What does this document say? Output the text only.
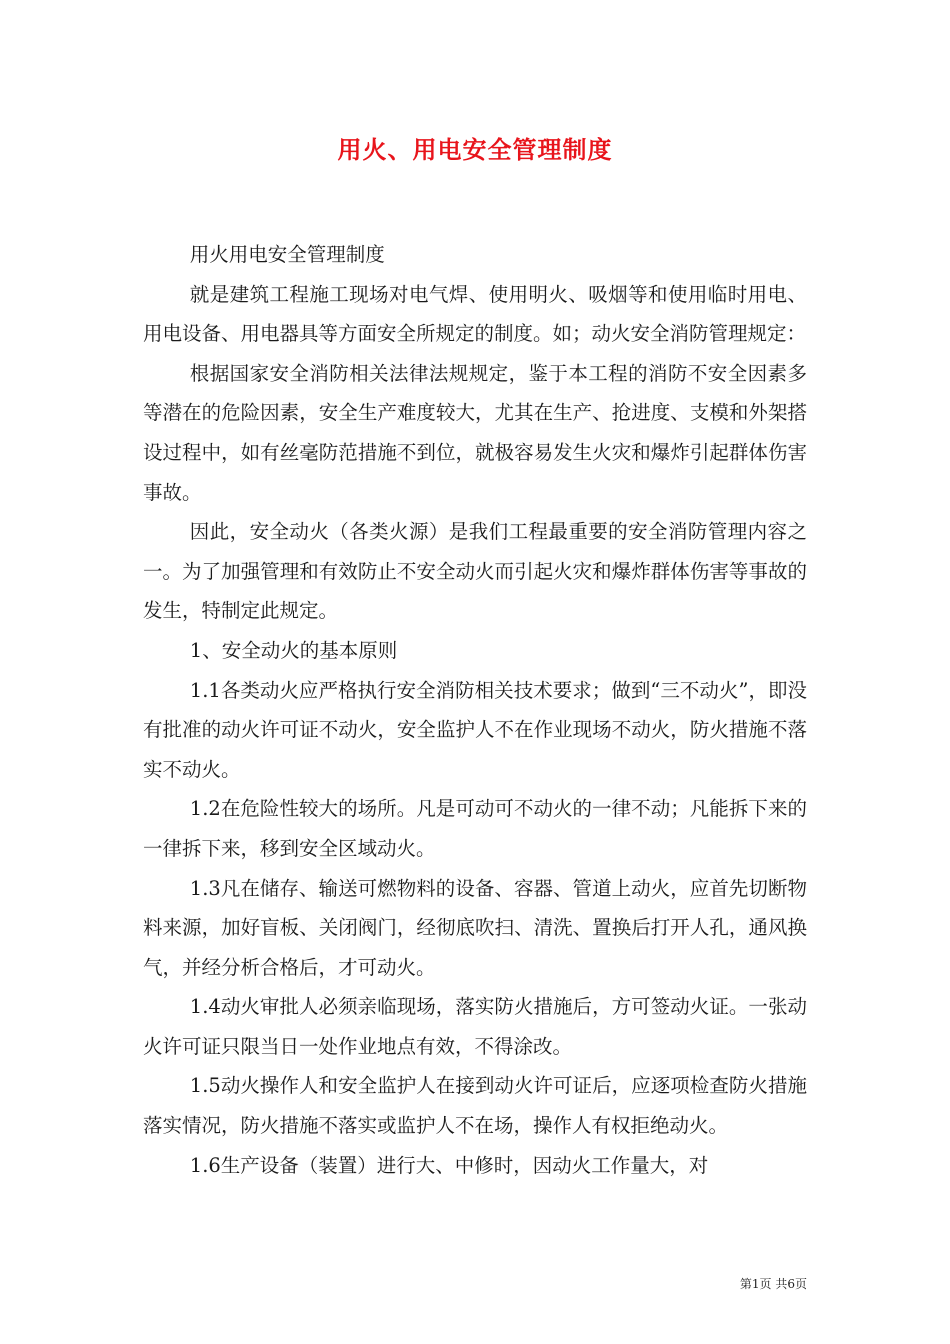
用火、用电安全管理制度

用火用电安全管理制度

就是建筑工程施工现场对电气焊、使用明火、吸烟等和使用临时用电、用电设备、用电器具等方面安全所规定的制度。如；动火安全消防管理规定：

根据国家安全消防相关法律法规规定，鉴于本工程的消防不安全因素多等潜在的危险因素，安全生产难度较大，尤其在生产、抢进度、支模和外架搭设过程中，如有丝毫防范措施不到位，就极容易发生火灾和爆炸引起群体伤害事故。

因此，安全动火（各类火源）是我们工程最重要的安全消防管理内容之一。为了加强管理和有效防止不安全动火而引起火灾和爆炸群体伤害等事故的发生，特制定此规定。

1、安全动火的基本原则

1.1各类动火应严格执行安全消防相关技术要求；做到“三不动火”，即没有批准的动火许可证不动火，安全监护人不在作业现场不动火，防火措施不落实不动火。

1.2在危险性较大的场所。凡是可动可不动火的一律不动；凡能拆下来的一律拆下来，移到安全区域动火。

1.3凡在储存、输送可燃物料的设备、容器、管道上动火，应首先切断物料来源，加好盲板、关闭阀门，经彻底吹扫、清洗、置换后打开人孔，通风换气，并经分析合格后，才可动火。

1.4动火审批人必须亲临现场，落实防火措施后，方可签动火证。一张动火许可证只限当日一处作业地点有效，不得涂改。

1.5动火操作人和安全监护人在接到动火许可证后，应逐项检查防火措施落实情况，防火措施不落实或监护人不在场，操作人有权拒绝动火。

1.6生产设备（装置）进行大、中修时，因动火工作量大，对

第1页 共6页
